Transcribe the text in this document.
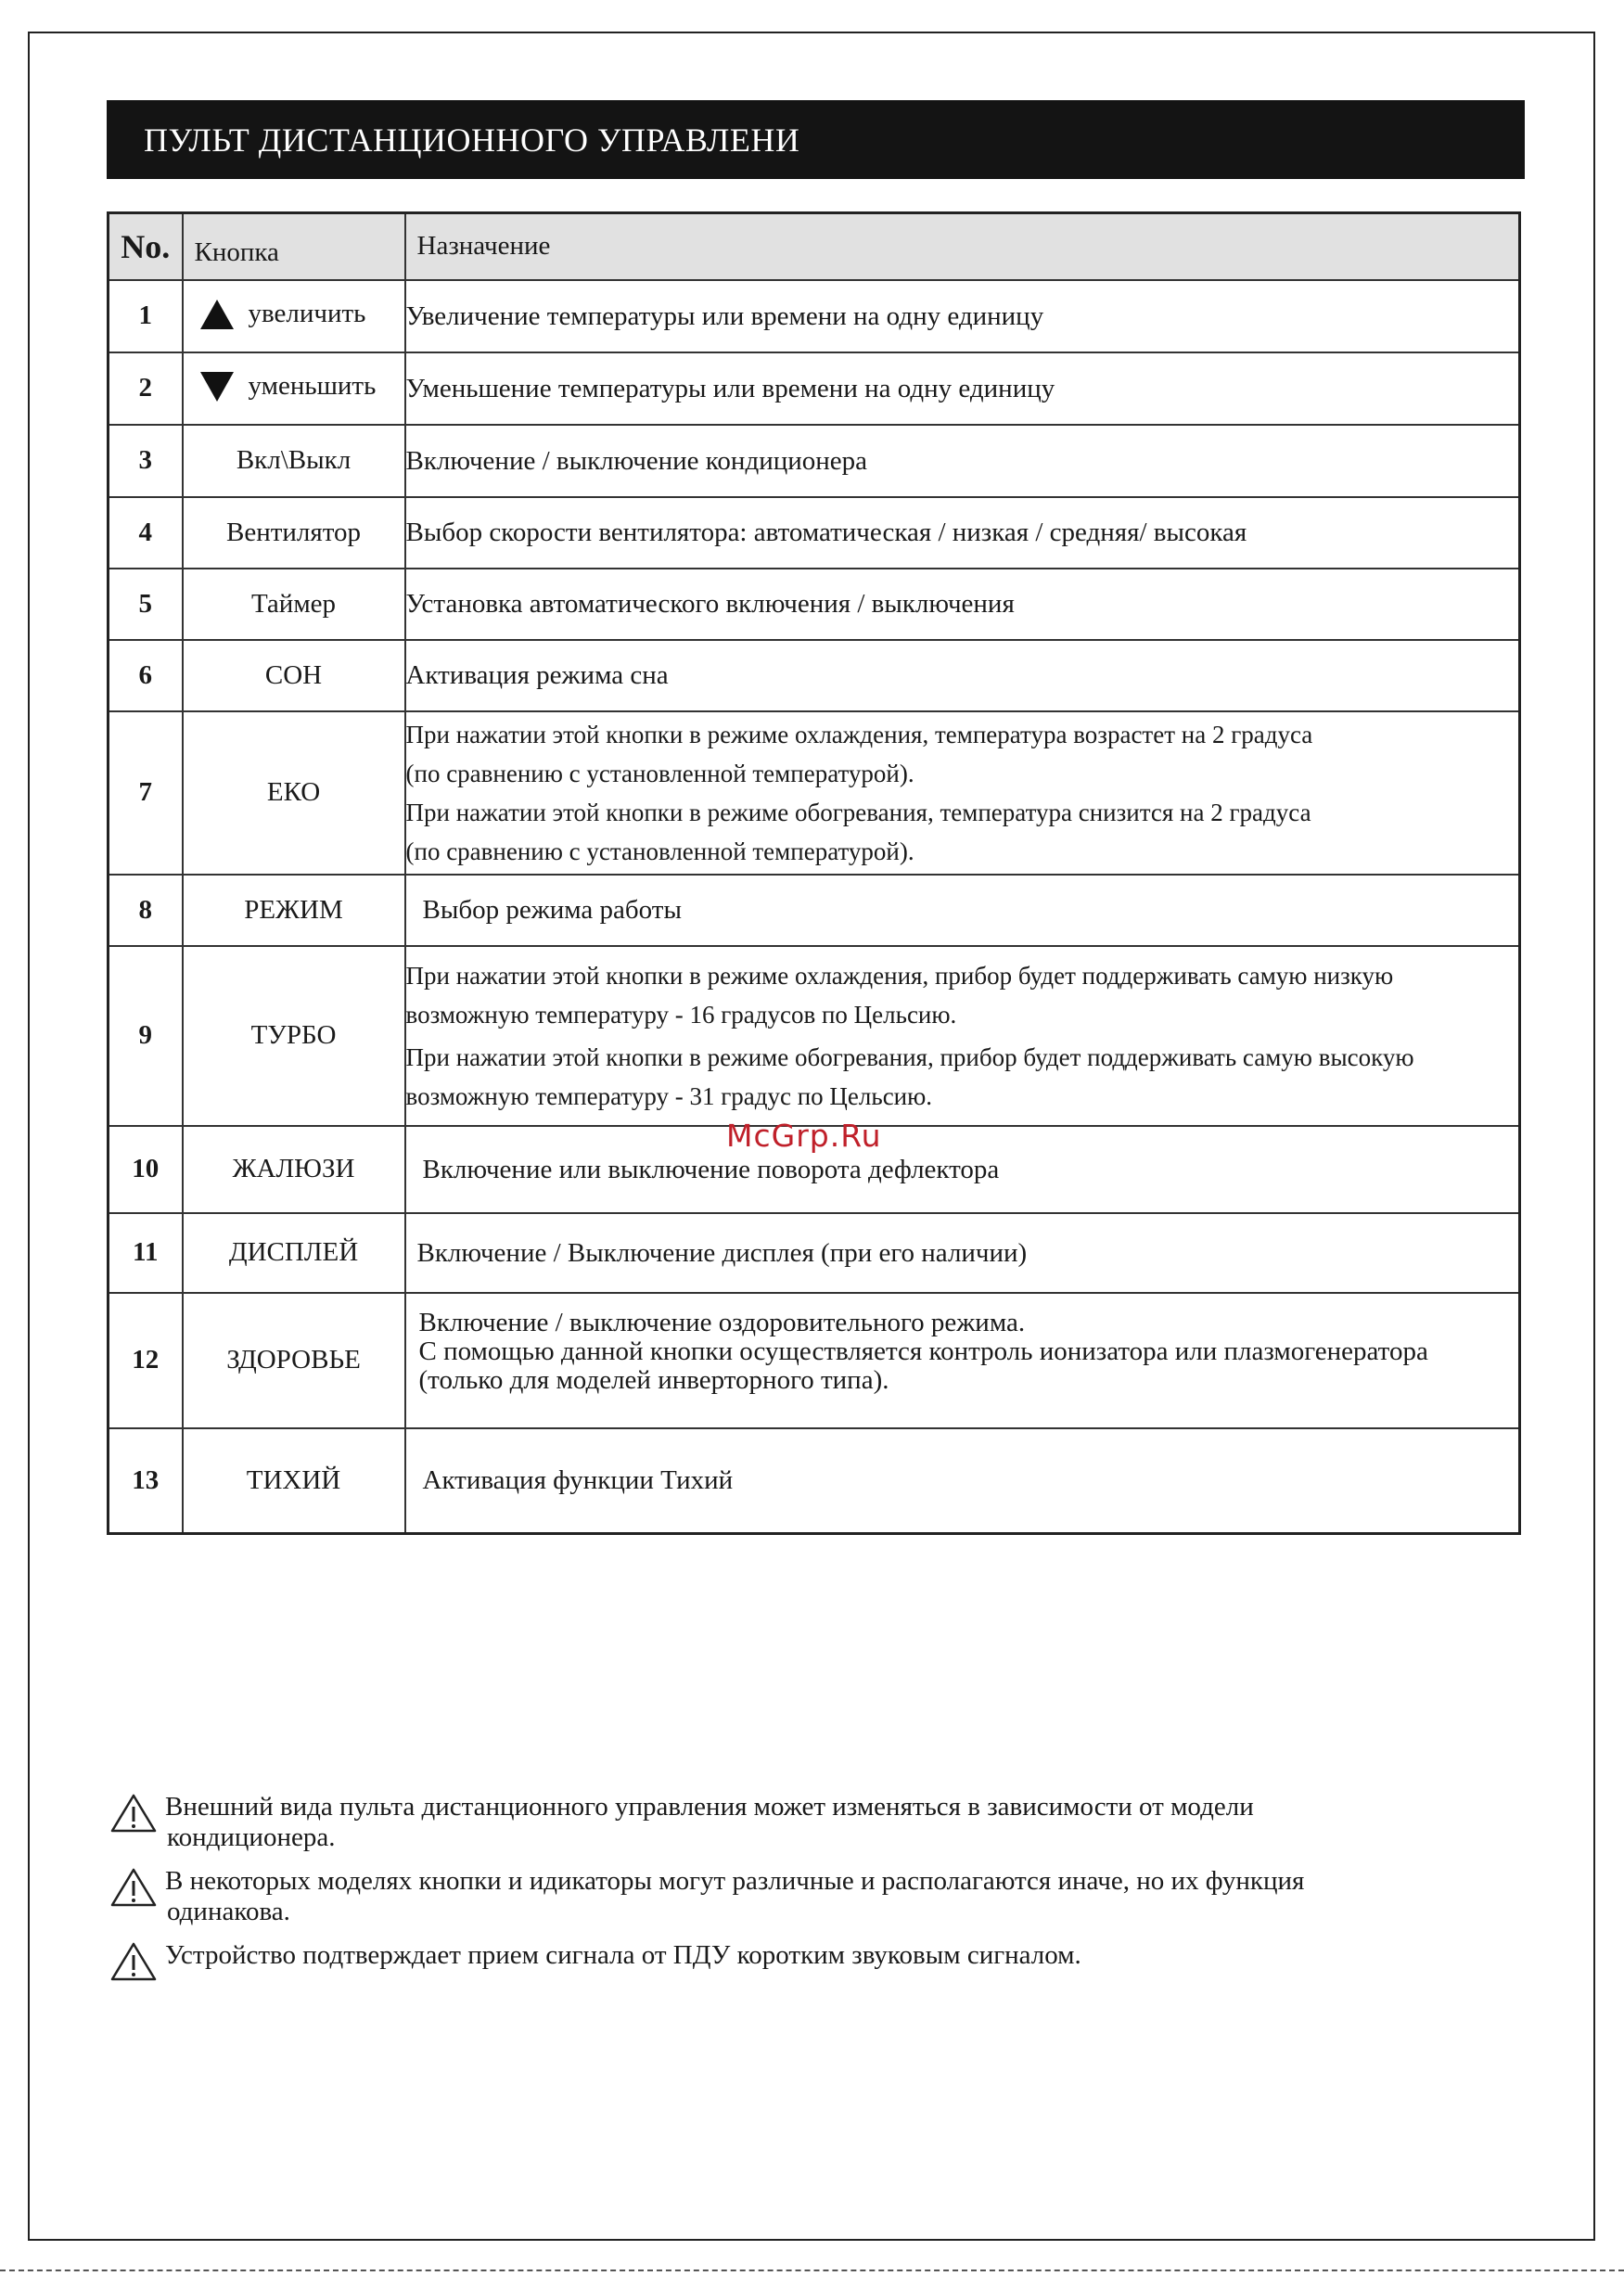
ПУЛЬТ ДИСТАНЦИОННОГО УПРАВЛЕНИ
No.	Кнопка	Назначение
1	увеличить	Увеличение температуры или времени на одну единицу

2	уменьшить	Уменьшение температуры или времени на одну единицу

3	Вкл\Выкл	Включение / выключение кондиционера

4	Вентилятор	Выбор скорости вентилятора: автоматическая / низкая / средняя/ высокая

5	Таймер	Установка автоматического включения / выключения

6	СОН	Активация режима сна

7	ЕКО	При нажатии этой кнопки в режиме охлаждения, температура возрастет на 2 градуса
(по сравнению с установленной температурой).
При нажатии этой кнопки в режиме обогревания, температура снизится на 2 градуса
(по сравнению с установленной температурой).

8	РЕЖИМ	Выбор режима работы

9	ТУРБО	При нажатии этой кнопки в режиме охлаждения, прибор будет поддерживать самую низкую
возможную температуру - 16 градусов по Цельсию.
При нажатии этой кнопки в режиме обогревания, прибор будет поддерживать самую высокую
возможную температуру - 31 градус по Цельсию.

10	ЖАЛЮЗИ	Включение или выключение поворота дефлектора

11	ДИСПЛЕЙ	Включение / Выключение дисплея (при его наличии)

12	ЗДОРОВЬЕ	Включение / выключение оздоровительного режима.
С помощью данной кнопки осуществляется контроль ионизатора или плазмогенератора
(только для моделей инверторного типа).

13	ТИХИЙ	Активация функции Тихий
McGrp.Ru
Внешний вида пульта дистанционного управления может изменяться в зависимости от модели
кондиционера.
В некоторых моделях кнопки и идикаторы могут различные и располагаются иначе, но их функция
одинакова.
Устройство подтверждает прием сигнала от ПДУ коротким звуковым сигналом.
